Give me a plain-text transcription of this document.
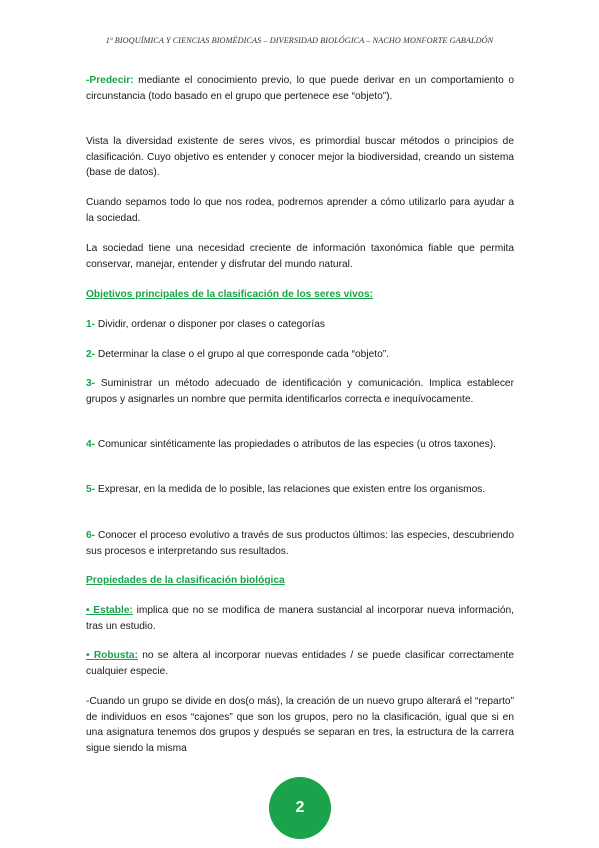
1º BIOQUÍMICA Y CIENCIAS BIOMÉDICAS – DIVERSIDAD BIOLÓGICA – NACHO MONFORTE GABALDÓN

-Predecir: mediante el conocimiento previo, lo que puede derivar en un comportamiento o circunstancia (todo basado en el grupo que pertenece ese “objeto”).

Vista la diversidad existente de seres vivos, es primordial buscar métodos o principios de clasificación. Cuyo objetivo es entender y conocer mejor la biodiversidad, creando un sistema (base de datos).

Cuando sepamos todo lo que nos rodea, podremos aprender a cómo utilizarlo para ayudar a la sociedad.

La sociedad tiene una necesidad creciente de información taxonómica fiable que permita conservar, manejar, entender y disfrutar del mundo natural.

Objetivos principales de la clasificación de los seres vivos:

1- Dividir, ordenar o disponer por clases o categorías

2- Determinar la clase o el grupo al que corresponde cada “objeto”.

3- Suministrar un método adecuado de identificación y comunicación. Implica establecer grupos y asignarles un nombre que permita identificarlos correcta e inequívocamente.

4- Comunicar sintéticamente las propiedades o atributos de las especies (u otros taxones).

5- Expresar, en la medida de lo posible, las relaciones que existen entre los organismos.

6- Conocer el proceso evolutivo a través de sus productos últimos: las especies, descubriendo sus procesos e interpretando sus resultados.

Propiedades de la clasificación biológica

• Estable: implica que no se modifica de manera sustancial al incorporar nueva información, tras un estudio.

• Robusta: no se altera al incorporar nuevas entidades / se puede clasificar correctamente cualquier especie.

-Cuando un grupo se divide en dos(o más), la creación de un nuevo grupo alterará el “reparto” de individuos en esos “cajones” que son los grupos, pero no la clasificación, igual que si en una asignatura tenemos dos grupos y después se separan en tres, la estructura de la carrera sigue siendo la misma

2
